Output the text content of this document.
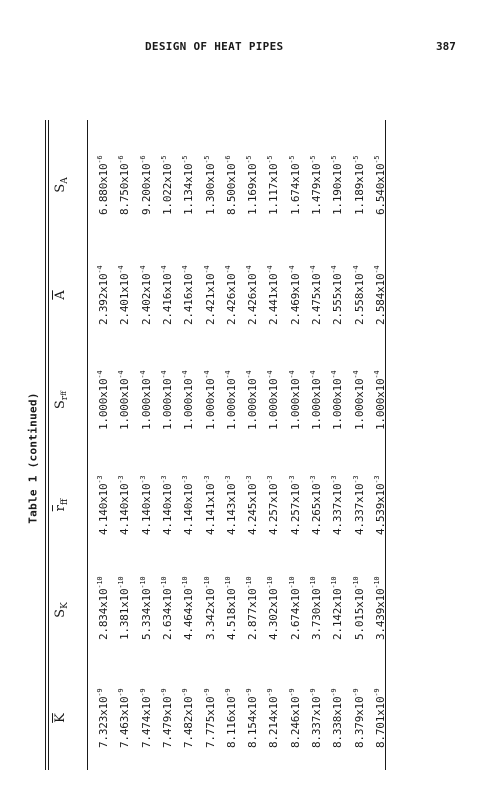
DESIGN OF HEAT PIPES	387
Table 1 (continued)
$\overline{K}$
$S_K$
$\overline{r}_{ff}$
$S_rff$
$\overline{A}$
$S_A$
$7.323x10^{-9}$
$2.834x10^{-10}$
$4.140x10^{-3}$
$1.000x10^{-4}$
$2.392x10^{-4}$
$6.880x10^{-6}$
$7.463x10^{-9}$
$1.381x10^{-10}$
$4.140x10^{-3}$
$1.000x10^{-4}$
$2.401x10^{-4}$
$8.750x10^{-6}$
$7.474x10^{-9}$
$5.334x10^{-10}$
$4.140x10^{-3}$
$1.000x10^{-4}$
$2.402x10^{-4}$
$9.200x10^{-6}$
$7.479x10^{-9}$
$2.634x10^{-10}$
$4.140x10^{-3}$
$1.000x10^{-4}$
$2.416x10^{-4}$
$1.022x10^{-5}$
$7.482x10^{-9}$
$4.464x10^{-10}$
$4.140x10^{-3}$
$1.000x10^{-4}$
$2.416x10^{-4}$
$1.134x10^{-5}$
$7.775x10^{-9}$
$3.342x10^{-10}$
$4.141x10^{-3}$
$1.000x10^{-4}$
$2.421x10^{-4}$
$1.300x10^{-5}$
$8.116x10^{-9}$
$4.518x10^{-10}$
$4.143x10^{-3}$
$1.000x10^{-4}$
$2.426x10^{-4}$
$8.500x10^{-6}$
$8.154x10^{-9}$
$2.877x10^{-10}$
$4.245x10^{-3}$
$1.000x10^{-4}$
$2.426x10^{-4}$
$1.169x10^{-5}$
$8.214x10^{-9}$
$4.302x10^{-10}$
$4.257x10^{-3}$
$1.000x10^{-4}$
$2.441x10^{-4}$
$1.117x10^{-5}$
$8.246x10^{-9}$
$2.674x10^{-10}$
$4.257x10^{-3}$
$1.000x10^{-4}$
$2.469x10^{-4}$
$1.674x10^{-5}$
$8.337x10^{-9}$
$3.730x10^{-10}$
$4.265x10^{-3}$
$1.000x10^{-4}$
$2.475x10^{-4}$
$1.479x10^{-5}$
$8.338x10^{-9}$
$2.142x10^{-10}$
$4.337x10^{-3}$
$1.000x10^{-4}$
$2.555x10^{-4}$
$1.190x10^{-5}$
$8.379x10^{-9}$
$5.015x10^{-10}$
$4.337x10^{-3}$
$1.000x10^{-4}$
$2.558x10^{-4}$
$1.189x10^{-5}$
$8.701x10^{-9}$
$3.439x10^{-10}$
$4.539x10^{-3}$
$1.000x10^{-4}$
$2.584x10^{-4}$
$6.540x10^{-5}$
